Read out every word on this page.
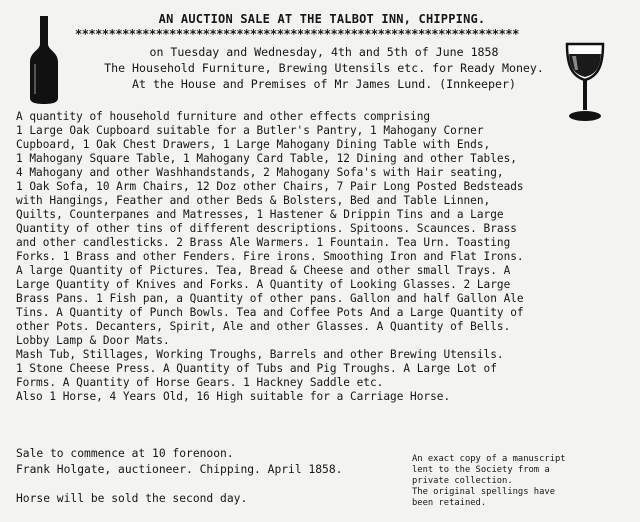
AN AUCTION SALE AT THE TALBOT INN, CHIPPING.
******************************************************************
on Tuesday and Wednesday, 4th and 5th of June 1858
The Household Furniture, Brewing Utensils etc. for Ready Money.
At the House and Premises of Mr James Lund. (Innkeeper)
A quantity of household furniture and other effects comprising
1 Large Oak Cupboard suitable for a Butler's Pantry, 1 Mahogany Corner
Cupboard, 1 Oak Chest Drawers, 1 Large Mahogany Dining Table with Ends,
1 Mahogany Square Table, 1 Mahogany Card Table, 12 Dining and other Tables,
4 Mahogany and other Washhandstands, 2 Mahogany Sofa's with Hair seating,
1 Oak Sofa, 10 Arm Chairs, 12 Doz other Chairs, 7 Pair Long Posted Bedsteads
with Hangings, Feather and other Beds & Bolsters, Bed and Table Linnen,
Quilts, Counterpanes and Matresses, 1 Hastener & Drippin Tins and a Large
Quantity of other tins of different descriptions. Spitoons. Scaunces. Brass
and other candlesticks. 2 Brass Ale Warmers. 1 Fountain. Tea Urn. Toasting
Forks. 1 Brass and other Fenders. Fire irons. Smoothing Iron and Flat Irons.
A large Quantity of Pictures. Tea, Bread & Cheese and other small Trays. A
Large Quantity of Knives and Forks. A Quantity of Looking Glasses. 2 Large
Brass Pans. 1 Fish pan, a Quantity of other pans. Gallon and half Gallon Ale
Tins. A Quantity of Punch Bowls. Tea and Coffee Pots And a Large Quantity of
other Pots. Decanters, Spirit, Ale and other Glasses. A Quantity of Bells.
Lobby Lamp & Door Mats.
Mash Tub, Stillages, Working Troughs, Barrels and other Brewing Utensils.
1 Stone Cheese Press. A Quantity of Tubs and Pig Troughs. A Large Lot of
Forms. A Quantity of Horse Gears. 1 Hackney Saddle etc.
Also 1 Horse, 4 Years Old, 16 High suitable for a Carriage Horse.
Sale to commence at 10 forenoon.
Frank Holgate, auctioneer. Chipping. April 1858.
Horse will be sold the second day.
An exact copy of a manuscript
lent to the Society from a
private collection.
The original spellings have
been retained.
